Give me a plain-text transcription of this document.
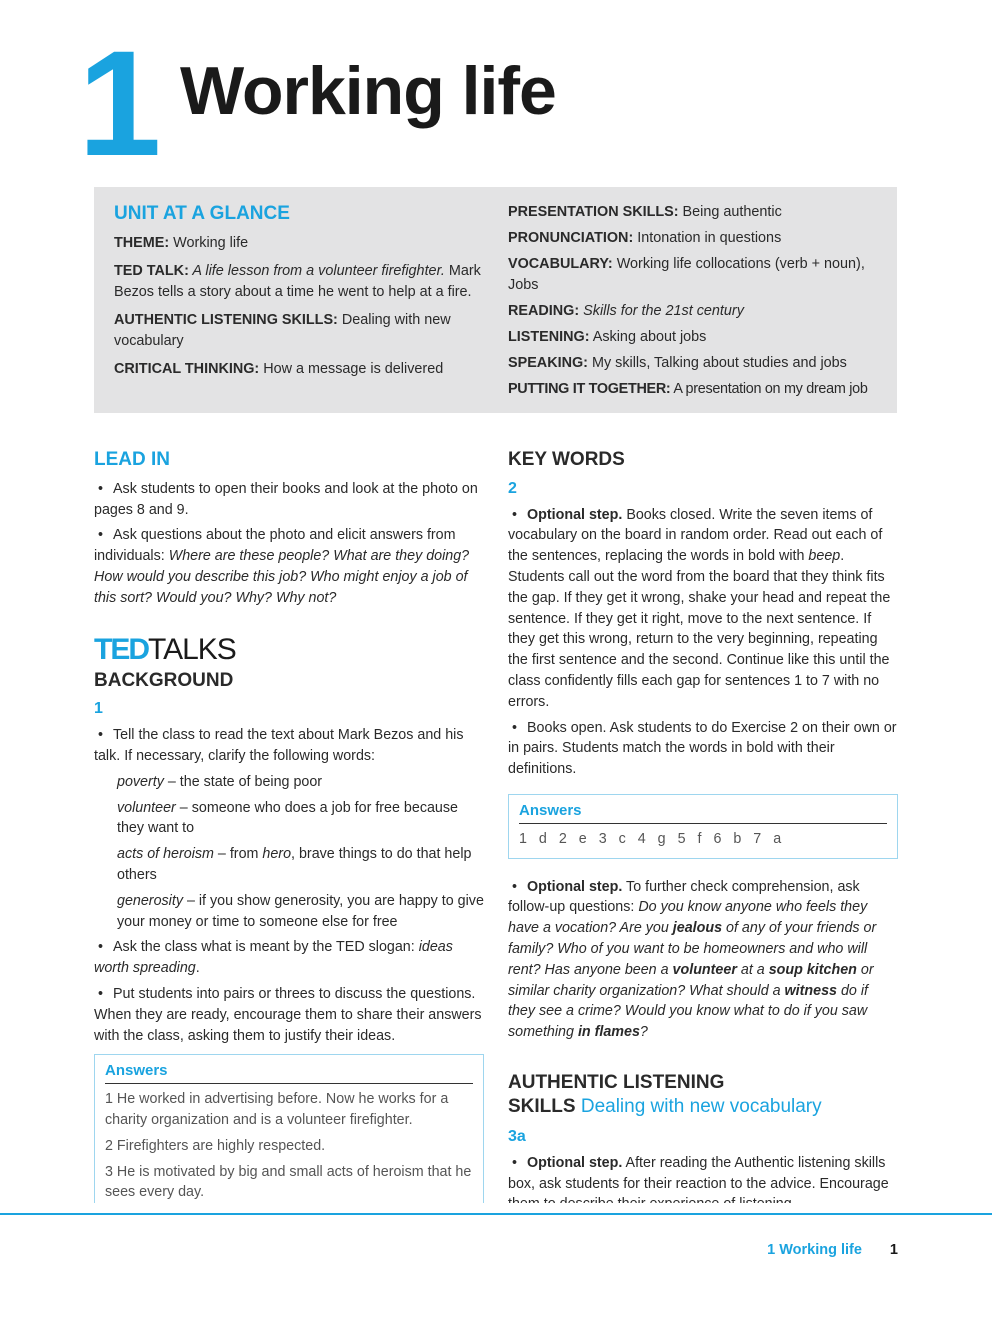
1 Working life
UNIT AT A GLANCE

THEME: Working life

TED TALK: A life lesson from a volunteer firefighter. Mark Bezos tells a story about a time he went to help at a fire.

AUTHENTIC LISTENING SKILLS: Dealing with new vocabulary

CRITICAL THINKING: How a message is delivered

PRESENTATION SKILLS: Being authentic

PRONUNCIATION: Intonation in questions

VOCABULARY: Working life collocations (verb + noun), Jobs

READING: Skills for the 21st century

LISTENING: Asking about jobs

SPEAKING: My skills, Talking about studies and jobs

PUTTING IT TOGETHER: A presentation on my dream job

LEAD IN

• Ask students to open their books and look at the photo on pages 8 and 9.

• Ask questions about the photo and elicit answers from individuals: Where are these people? What are they doing? How would you describe this job? Who might enjoy a job of this sort? Would you? Why? Why not?

TEDTALKS
BACKGROUND
1

• Tell the class to read the text about Mark Bezos and his talk. If necessary, clarify the following words:

poverty – the state of being poor

volunteer – someone who does a job for free because they want to

acts of heroism – from hero, brave things to do that help others

generosity – if you show generosity, you are happy to give your money or time to someone else for free

• Ask the class what is meant by the TED slogan: ideas worth spreading.

• Put students into pairs or threes to discuss the questions. When they are ready, encourage them to share their answers with the class, asking them to justify their ideas.

Answers

1 He worked in advertising before. Now he works for a charity organization and is a volunteer firefighter.

2 Firefighters are highly respected.

3 He is motivated by big and small acts of heroism that he sees every day.

KEY WORDS
2

• Optional step. Books closed. Write the seven items of vocabulary on the board in random order. Read out each of the sentences, replacing the words in bold with beep. Students call out the word from the board that they think fits the gap. If they get it wrong, shake your head and repeat the sentence. If they get it right, move to the next sentence. If they get this wrong, return to the very beginning, repeating the first sentence and the second. Continue like this until the class confidently fills each gap for sentences 1 to 7 with no errors.

• Books open. Ask students to do Exercise 2 on their own or in pairs. Students match the words in bold with their definitions.

Answers

1 d 2 e 3 c 4 g 5 f 6 b 7 a

• Optional step. To further check comprehension, ask follow-up questions: Do you know anyone who feels they have a vocation? Are you jealous of any of your friends or family? Who of you want to be homeowners and who will rent? Has anyone been a volunteer at a soup kitchen or similar charity organization? What should a witness do if they see a crime? Would you know what to do if you saw something in flames?

AUTHENTIC LISTENING
SKILLS Dealing with new vocabulary
3a

• Optional step. After reading the Authentic listening skills box, ask students for their reaction to the advice. Encourage

1 Working life 1
